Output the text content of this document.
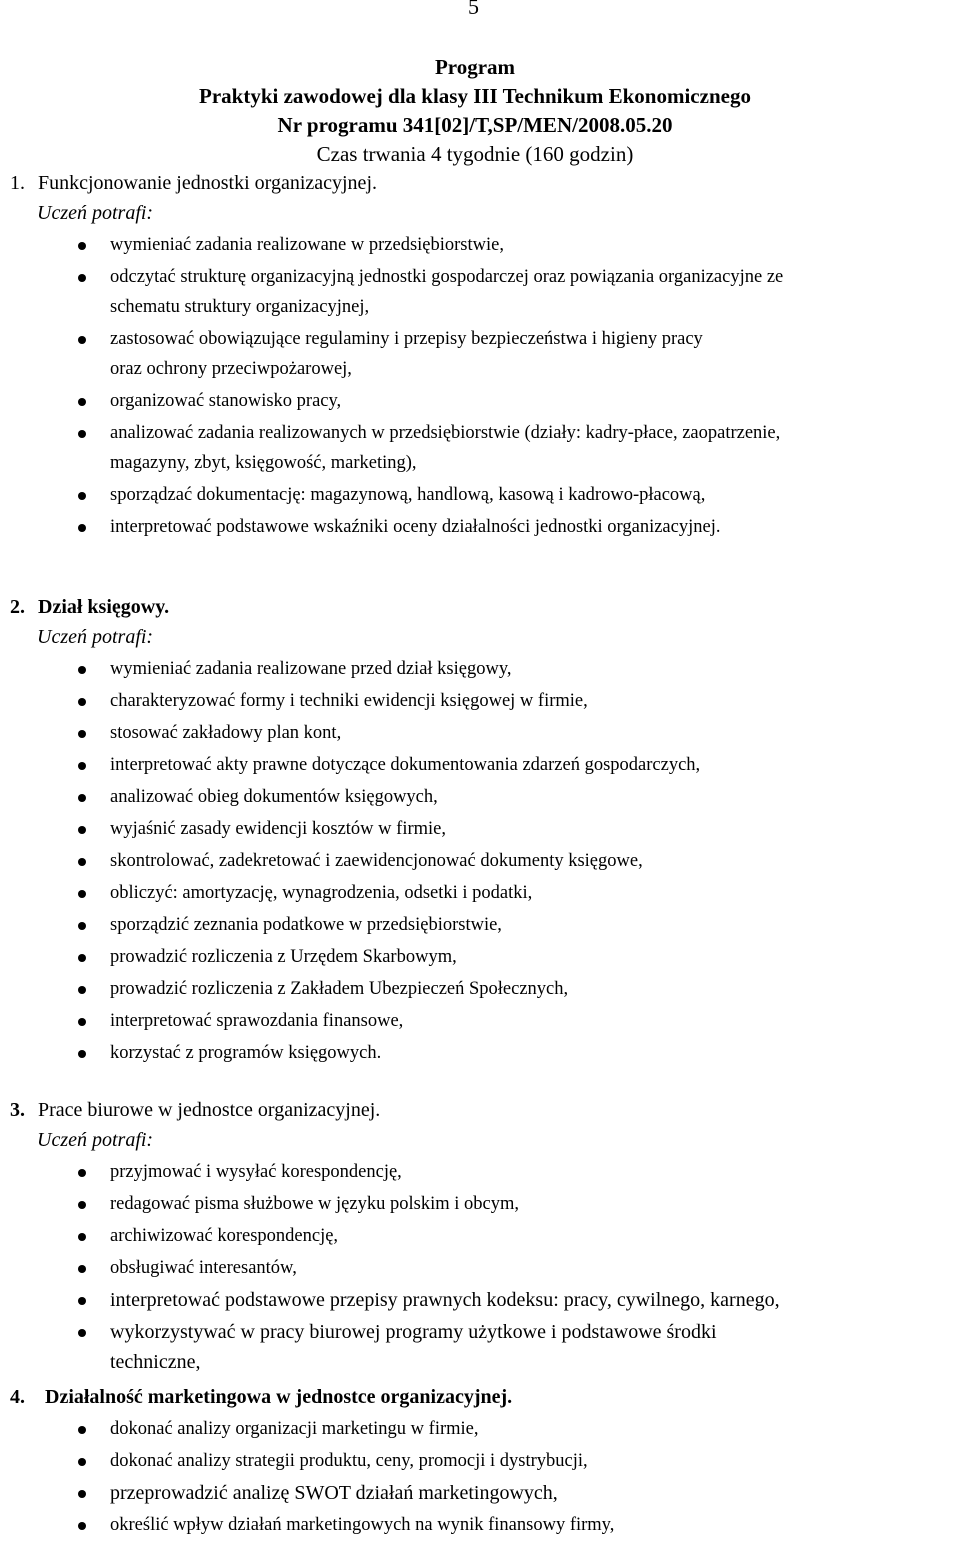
5
Program
Praktyki zawodowej dla klasy III Technikum Ekonomicznego
Nr programu 341[02]/T,SP/MEN/2008.05.20
Czas trwania 4 tygodnie (160 godzin)
1. Funkcjonowanie jednostki organizacyjnej.
Uczeń potrafi:
wymieniać zadania realizowane w przedsiębiorstwie,
odczytać strukturę organizacyjną jednostki gospodarczej oraz powiązania organizacyjne ze
schematu struktury organizacyjnej,
zastosować obowiązujące regulaminy i przepisy bezpieczeństwa i higieny pracy
oraz ochrony przeciwpożarowej,
organizować stanowisko pracy,
analizować zadania realizowanych w przedsiębiorstwie (działy: kadry-płace, zaopatrzenie,
magazyny, zbyt, księgowość, marketing),
sporządzać dokumentację: magazynową, handlową, kasową i kadrowo-płacową,
interpretować podstawowe wskaźniki oceny działalności jednostki organizacyjnej.
2. Dział księgowy.
Uczeń potrafi:
wymieniać zadania realizowane przed dział księgowy,
charakteryzować formy i techniki ewidencji księgowej w firmie,
stosować zakładowy plan kont,
interpretować akty prawne dotyczące dokumentowania zdarzeń gospodarczych,
analizować obieg dokumentów księgowych,
wyjaśnić zasady ewidencji kosztów w firmie,
skontrolować, zadekretować i zaewidencjonować dokumenty księgowe,
obliczyć: amortyzację, wynagrodzenia, odsetki i podatki,
sporządzić zeznania podatkowe w przedsiębiorstwie,
prowadzić rozliczenia z Urzędem Skarbowym,
prowadzić rozliczenia z Zakładem Ubezpieczeń Społecznych,
interpretować sprawozdania finansowe,
korzystać z programów księgowych.
3. Prace biurowe w jednostce organizacyjnej.
Uczeń potrafi:
przyjmować i wysyłać korespondencję,
redagować pisma służbowe w języku polskim i obcym,
archiwizować korespondencję,
obsługiwać interesantów,
interpretować podstawowe przepisy prawnych kodeksu: pracy, cywilnego, karnego,
wykorzystywać w pracy biurowej programy użytkowe i podstawowe środki
techniczne,
4. Działalność marketingowa w jednostce organizacyjnej.
dokonać analizy organizacji marketingu w firmie,
dokonać analizy strategii produktu, ceny, promocji i dystrybucji,
przeprowadzić analizę SWOT działań marketingowych,
określić wpływ działań marketingowych na wynik finansowy firmy,
